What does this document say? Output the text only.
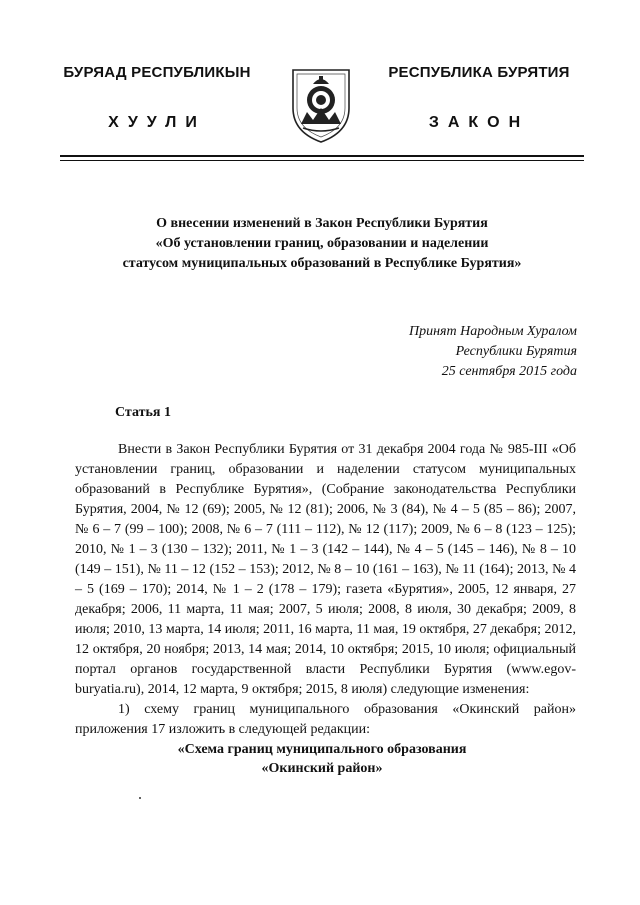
БУРЯАД РЕСПУБЛИКЫН
ХУУЛИ
РЕСПУБЛИКА БУРЯТИЯ
ЗАКОН
О внесении изменений в Закон Республики Бурятия
«Об установлении границ, образовании и наделении
статусом муниципальных образований в Республике Бурятия»
Принят Народным Хуралом
Республики Бурятия
25 сентября 2015 года
Статья 1

Внести в Закон Республики Бурятия от 31 декабря 2004 года № 985-III «Об установлении границ, образовании и наделении статусом муниципальных образований в Республике Бурятия», (Собрание законодательства Республики Бурятия, 2004, № 12 (69); 2005, № 12 (81); 2006, № 3 (84), № 4 – 5 (85 – 86); 2007, № 6 – 7 (99 – 100); 2008, № 6 – 7 (111 – 112), № 12 (117); 2009, № 6 – 8 (123 – 125); 2010, № 1 – 3 (130 – 132); 2011, № 1 – 3 (142 – 144), № 4 – 5 (145 – 146), № 8 – 10 (149 – 151), № 11 – 12 (152 – 153); 2012, № 8 – 10 (161 – 163), № 11 (164); 2013, № 4 – 5 (169 – 170); 2014, № 1 – 2 (178 – 179); газета «Бурятия», 2005, 12 января, 27 декабря; 2006, 11 марта, 11 мая; 2007, 5 июля; 2008, 8 июля, 30 декабря; 2009, 8 июля; 2010, 13 марта, 14 июля; 2011, 16 марта, 11 мая, 19 октября, 27 декабря; 2012, 12 октября, 20 ноября; 2013, 14 мая; 2014, 10 октября; 2015, 10 июля; официальный портал органов государственной власти Республики Бурятия (www.egov-buryatia.ru), 2014, 12 марта, 9 октября; 2015, 8 июля) следующие изменения:

1) схему границ муниципального образования «Окинский район» приложения 17 изложить в следующей редакции:

«Схема границ муниципального образования
«Окинский район»
